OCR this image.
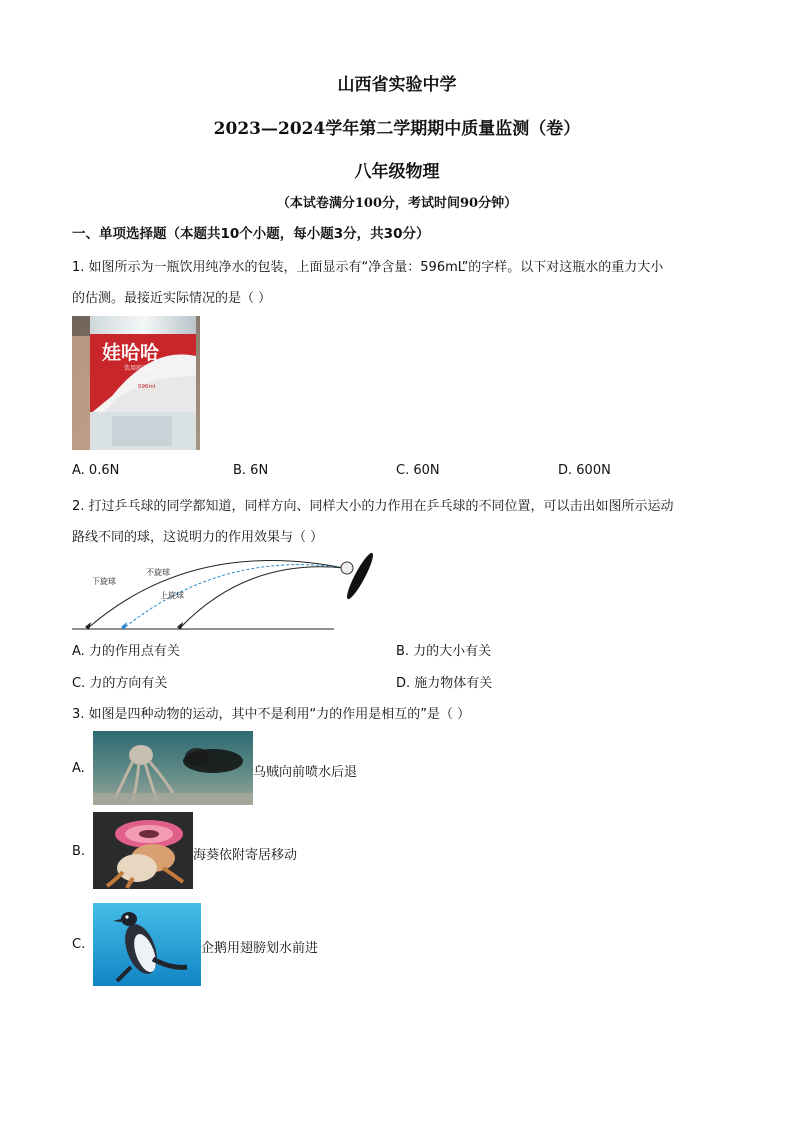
山西省实验中学
2023—2024学年第二学期期中质量监测（卷）
八年级物理
（本试卷满分100分，考试时间90分钟）
一、单项选择题（本题共10个小题，每小题3分，共30分）
1. 如图所示为一瓶饮用纯净水的包装，上面显示有“净含量：596mL”的字样。以下对这瓶水的重力大小
的估测。最接近实际情况的是（ ）
娃哈哈
饮用纯净水
596ml
A. 0.6N	B. 6N	C. 60N	D. 600N
2. 打过乒乓球的同学都知道，同样方向、同样大小的力作用在乒乓球的不同位置，可以击出如图所示运动
路线不同的球，这说明力的作用效果与（ ）
下旋球
不旋球
上旋球
A. 力的作用点有关	B. 力的大小有关
C. 力的方向有关	D. 施力物体有关
3. 如图是四种动物的运动，其中不是利用“力的作用是相互的”是（ ）
A.	乌贼向前喷水后退
B.	海葵依附寄居移动
C.	企鹅用翅膀划水前进
